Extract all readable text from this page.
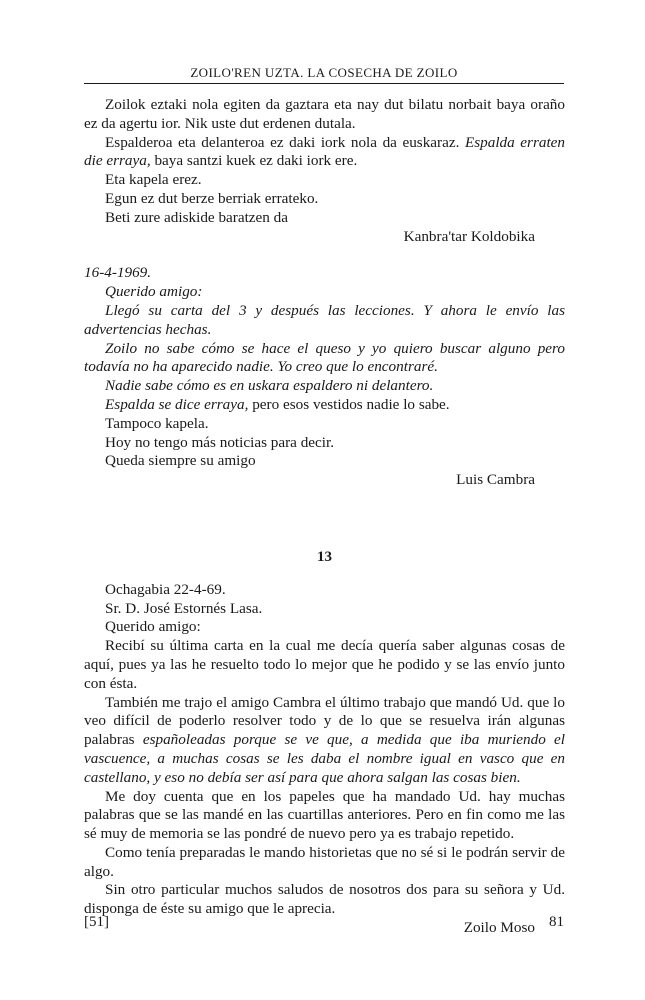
ZOILO'REN UZTA. LA COSECHA DE ZOILO

Zoilok eztaki nola egiten da gaztara eta nay dut bilatu norbait baya oraño ez da agertu ior. Nik uste dut erdenen dutala.

Espalderoa eta delanteroa ez daki iork nola da euskaraz. Espalda erraten die erraya, baya santzi kuek ez daki iork ere.

Eta kapela erez.

Egun ez dut berze berriak errateko.

Beti zure adiskide baratzen da

Kanbra'tar Koldobika

16-4-1969.

Querido amigo:

Llegó su carta del 3 y después las lecciones. Y ahora le envío las advertencias hechas.

Zoilo no sabe cómo se hace el queso y yo quiero buscar alguno pero todavía no ha aparecido nadie. Yo creo que lo encontraré.

Nadie sabe cómo es en uskara espaldero ni delantero.

Espalda se dice erraya, pero esos vestidos nadie lo sabe.

Tampoco kapela.

Hoy no tengo más noticias para decir.

Queda siempre su amigo

Luis Cambra

13

Ochagabia 22-4-69.

Sr. D. José Estornés Lasa.

Querido amigo:

Recibí su última carta en la cual me decía quería saber algunas cosas de aquí, pues ya las he resuelto todo lo mejor que he podido y se las envío junto con ésta.

También me trajo el amigo Cambra el último trabajo que mandó Ud. que lo veo difícil de poderlo resolver todo y de lo que se resuelva irán algunas palabras españoleadas porque se ve que, a medida que iba muriendo el vascuence, a muchas cosas se les daba el nombre igual en vasco que en castellano, y eso no debía ser así para que ahora salgan las cosas bien.

Me doy cuenta que en los papeles que ha mandado Ud. hay muchas palabras que se las mandé en las cuartillas anteriores. Pero en fin como me las sé muy de memoria se las pondré de nuevo pero ya es trabajo repetido.

Como tenía preparadas le mando historietas que no sé si le podrán servir de algo.

Sin otro particular muchos saludos de nosotros dos para su señora y Ud. disponga de éste su amigo que le aprecia.

Zoilo Moso

[51]	81
